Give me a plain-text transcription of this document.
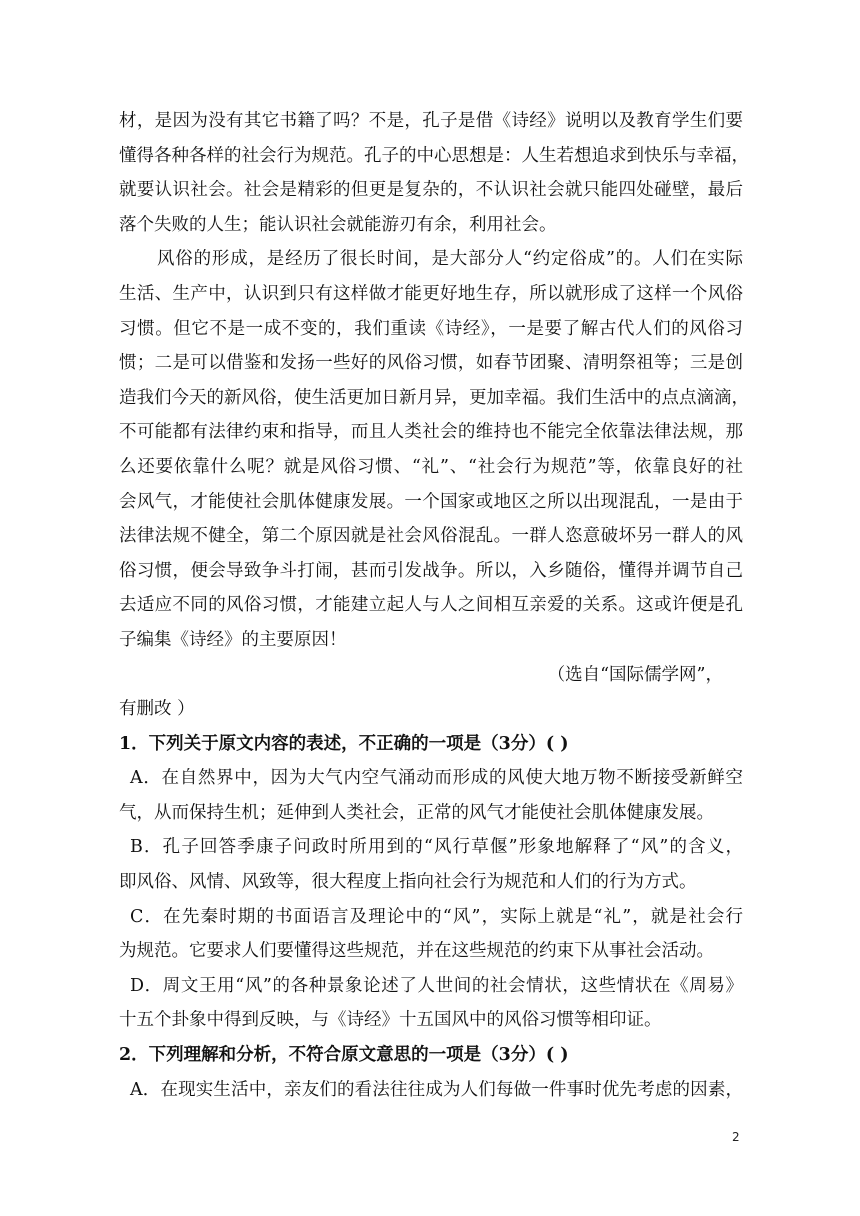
材，是因为没有其它书籍了吗？不是，孔子是借《诗经》说明以及教育学生们要
懂得各种各样的社会行为规范。孔子的中心思想是：人生若想追求到快乐与幸福，
就要认识社会。社会是精彩的但更是复杂的，不认识社会就只能四处碰壁，最后
落个失败的人生；能认识社会就能游刃有余，利用社会。
风俗的形成，是经历了很长时间，是大部分人“约定俗成”的。人们在实际
生活、生产中，认识到只有这样做才能更好地生存，所以就形成了这样一个风俗
习惯。但它不是一成不变的，我们重读《诗经》，一是要了解古代人们的风俗习
惯；二是可以借鉴和发扬一些好的风俗习惯，如春节团聚、清明祭祖等；三是创
造我们今天的新风俗，使生活更加日新月异，更加幸福。我们生活中的点点滴滴，
不可能都有法律约束和指导，而且人类社会的维持也不能完全依靠法律法规，那
么还要依靠什么呢？就是风俗习惯、“礼”、“社会行为规范”等，依靠良好的社
会风气，才能使社会肌体健康发展。一个国家或地区之所以出现混乱，一是由于
法律法规不健全，第二个原因就是社会风俗混乱。一群人恣意破坏另一群人的风
俗习惯，便会导致争斗打闹，甚而引发战争。所以，入乡随俗，懂得并调节自己
去适应不同的风俗习惯，才能建立起人与人之间相互亲爱的关系。这或许便是孔
子编集《诗经》的主要原因！
（选自“国际儒学网”，
有删改 ）
1．下列关于原文内容的表述，不正确的一项是（3分）( )
A．在自然界中，因为大气内空气涌动而形成的风使大地万物不断接受新鲜空
气，从而保持生机；延伸到人类社会，正常的风气才能使社会肌体健康发展。
B．孔子回答季康子问政时所用到的“风行草偃”形象地解释了“风”的含义，
即风俗、风情、风致等，很大程度上指向社会行为规范和人们的行为方式。
C．在先秦时期的书面语言及理论中的“风”，实际上就是“礼”，就是社会行
为规范。它要求人们要懂得这些规范，并在这些规范的约束下从事社会活动。
D．周文王用“风”的各种景象论述了人世间的社会情状，这些情状在《周易》
十五个卦象中得到反映，与《诗经》十五国风中的风俗习惯等相印证。
2．下列理解和分析，不符合原文意思的一项是（3分）( )
A．在现实生活中，亲友们的看法往往成为人们每做一件事时优先考虑的因素，
2
